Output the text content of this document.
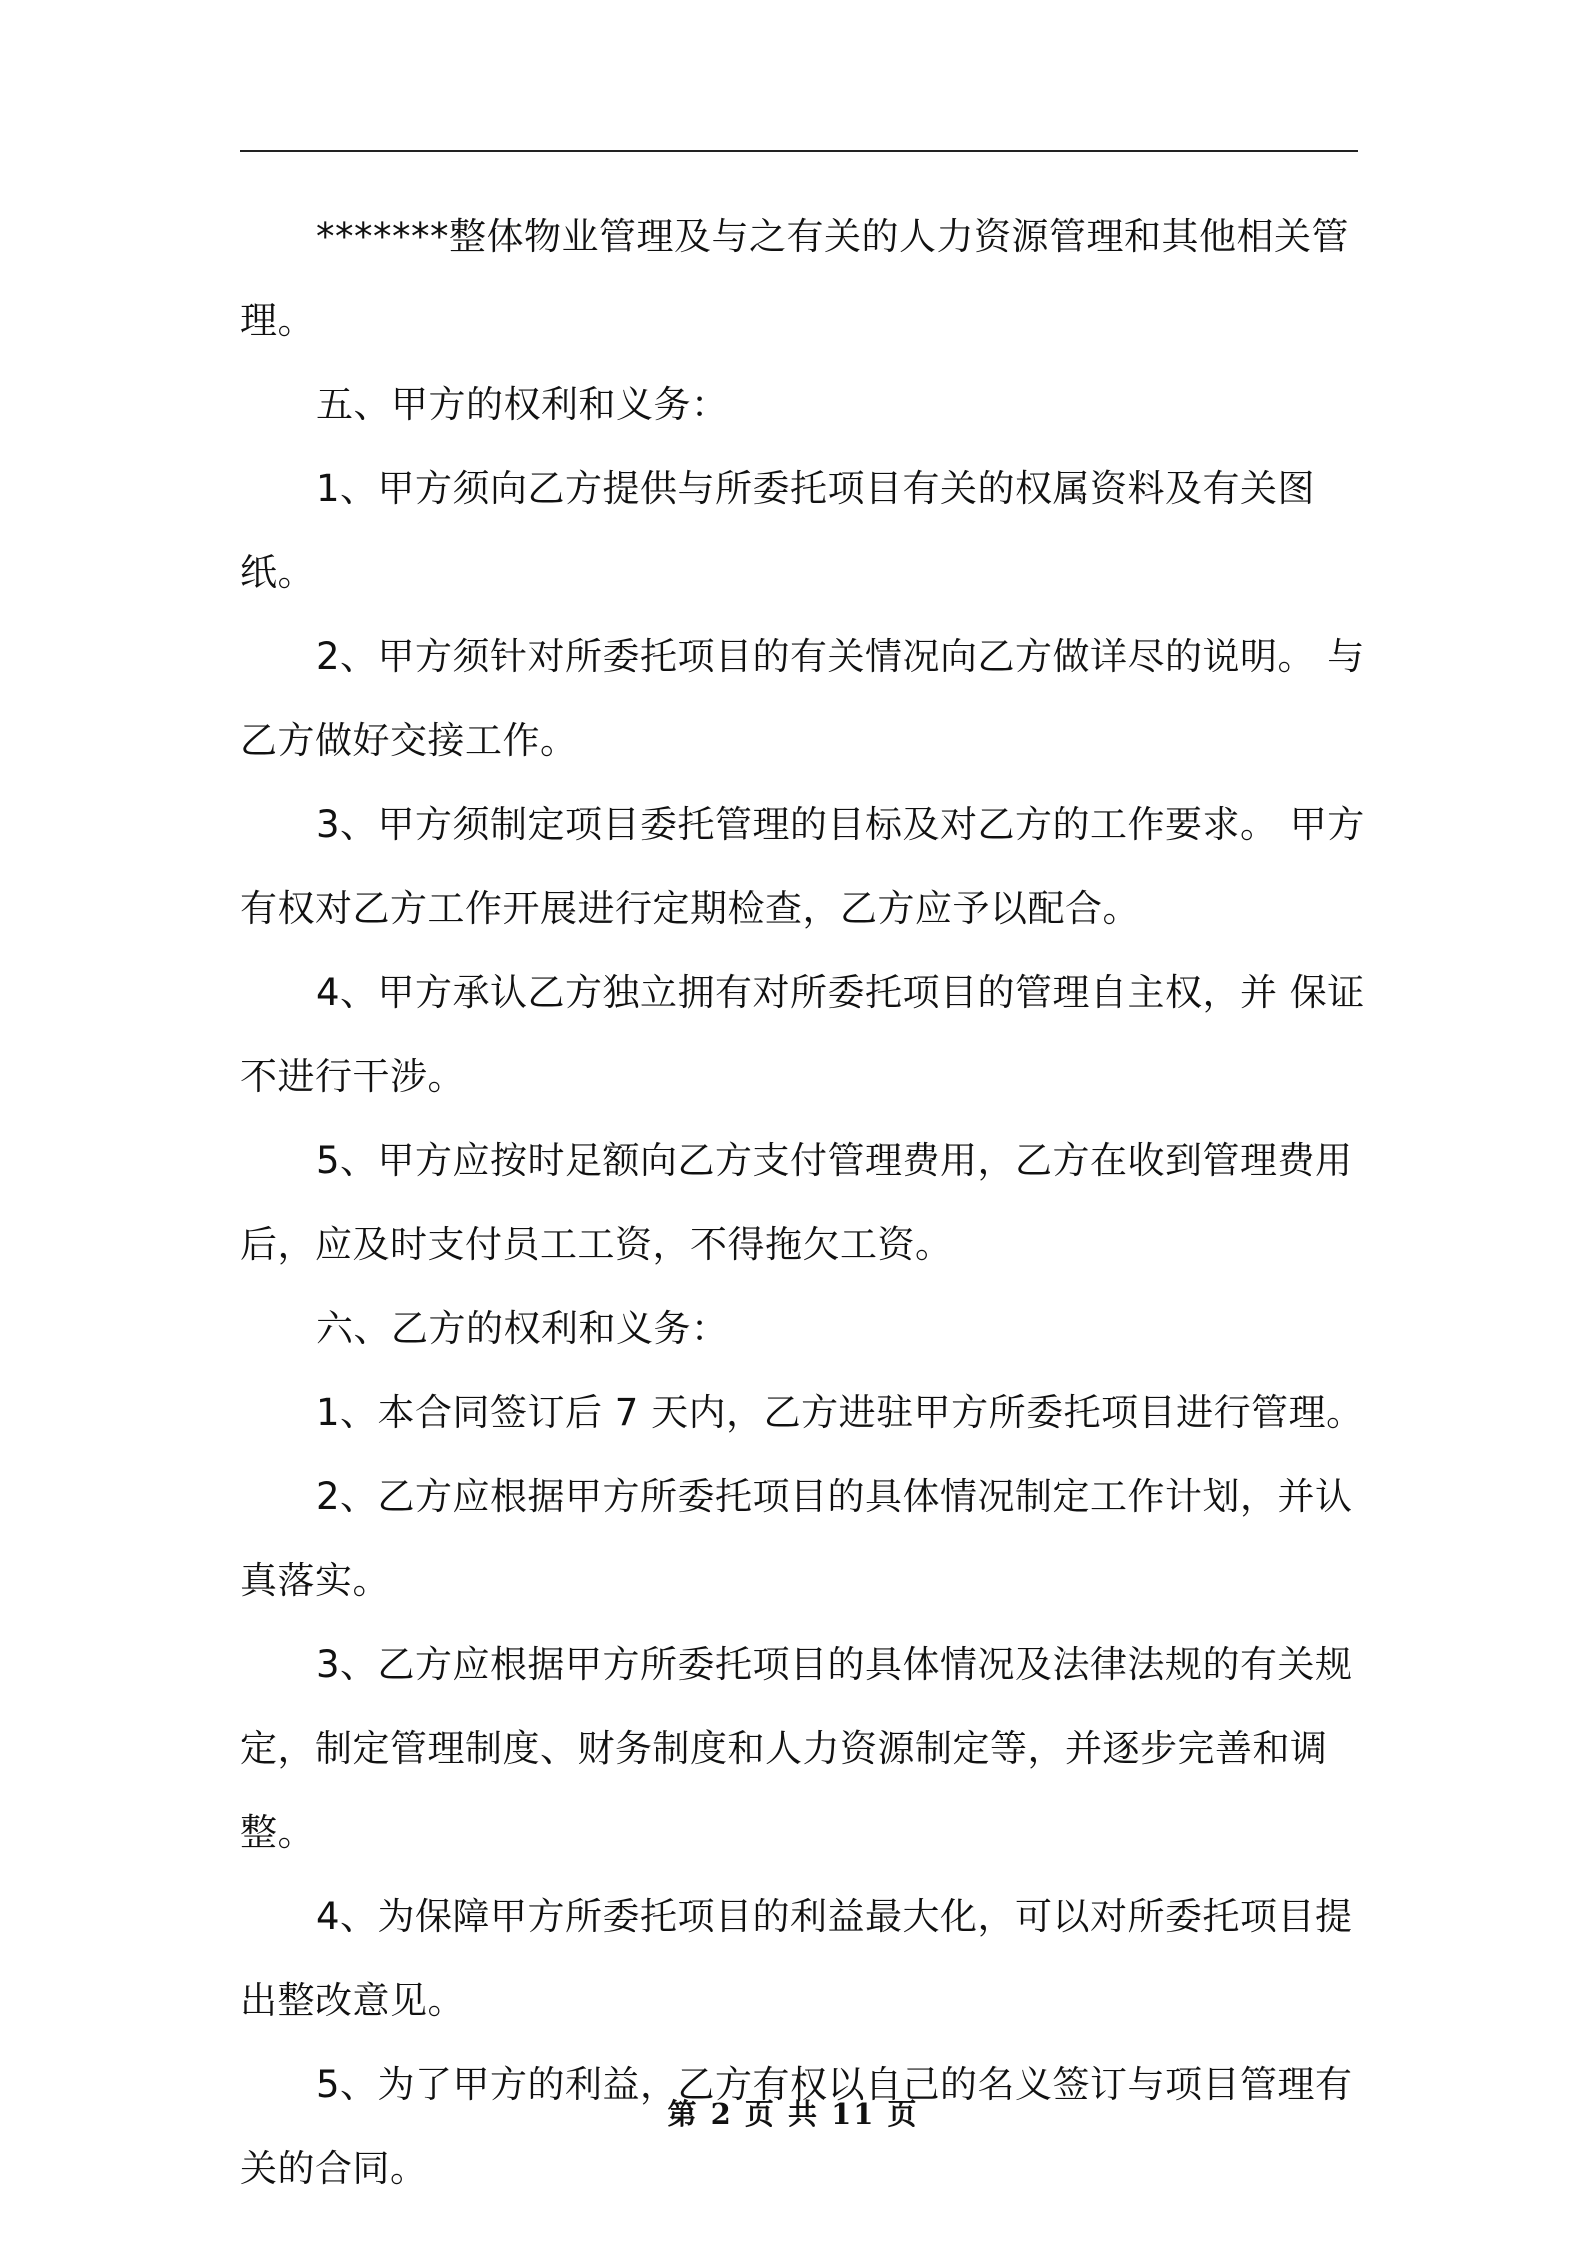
*******整体物业管理及与之有关的人力资源管理和其他相关管理。

五、甲方的权利和义务：

1、甲方须向乙方提供与所委托项目有关的权属资料及有关图纸。

2、甲方须针对所委托项目的有关情况向乙方做详尽的说明。 与乙方做好交接工作。

3、甲方须制定项目委托管理的目标及对乙方的工作要求。 甲方有权对乙方工作开展进行定期检查，乙方应予以配合。

4、甲方承认乙方独立拥有对所委托项目的管理自主权，并 保证不进行干涉。

5、甲方应按时足额向乙方支付管理费用，乙方在收到管理费用后，应及时支付员工工资，不得拖欠工资。

六、乙方的权利和义务：

1、本合同签订后 7 天内，乙方进驻甲方所委托项目进行管理。

2、乙方应根据甲方所委托项目的具体情况制定工作计划，并认真落实。

3、乙方应根据甲方所委托项目的具体情况及法律法规的有关规定，制定管理制度、财务制度和人力资源制定等，并逐步完善和调整。

4、为保障甲方所委托项目的利益最大化，可以对所委托项目提出整改意见。

5、为了甲方的利益，乙方有权以自己的名义签订与项目管理有关的合同。

第 2 页 共 11 页
